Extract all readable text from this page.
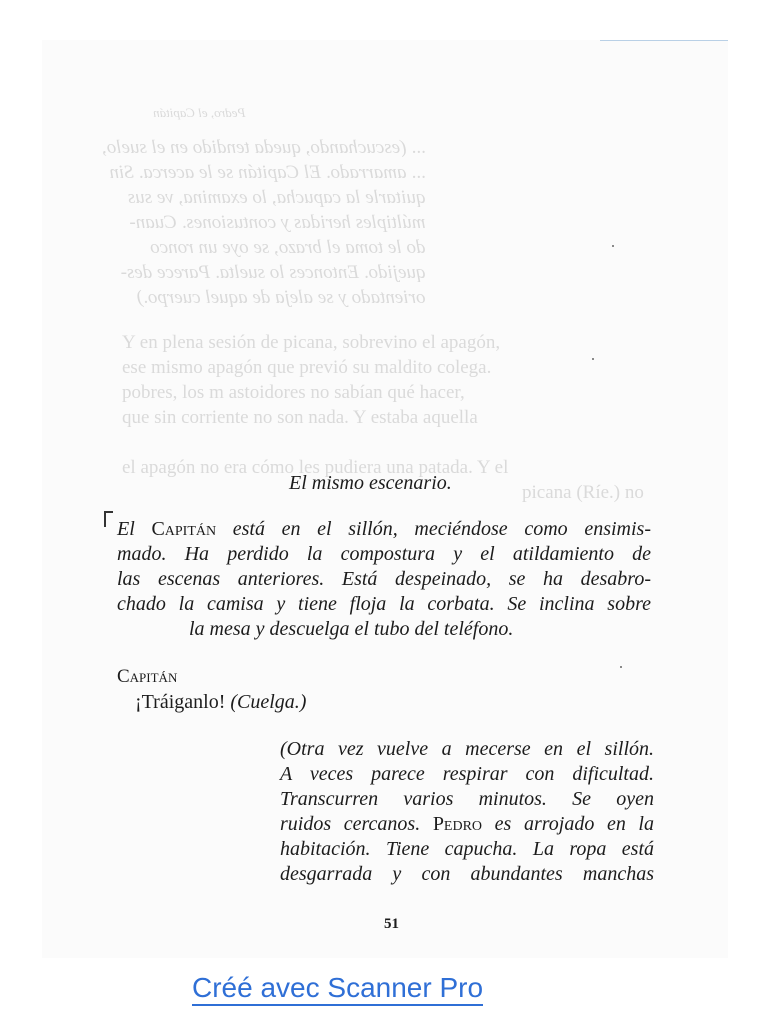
Pedro, el Capitán
... (escuchando, queda tendido en el suelo,
... amarrado. El Capitán se le acerca. Sin
quitarle la capucha, lo examina, ve sus
múltiples heridas y contusiones. Cuan-
do le toma el brazo, se oye un ronco
quejido. Entonces lo suelta. Parece des-
orientado y se aleja de aquel cuerpo.)
Y en plena sesión de picana, sobrevino el apagón,
ese mismo apagón que previó su maldito colega.
pobres, los m astoidores no sabían qué hacer,
que sin corriente no son nada. Y estaba aquella
el apagón no era cómo les pudiera una patada. Y el
picana (Ríe.) no
El mismo escenario.
El Capitán está en el sillón, meciéndose como ensimis-
mado. Ha perdido la compostura y el atildamiento de
las escenas anteriores. Está despeinado, se ha desabro-
chado la camisa y tiene floja la corbata. Se inclina sobre
la mesa y descuelga el tubo del teléfono.
Capitán
¡Tráiganlo! (Cuelga.)
(Otra vez vuelve a mecerse en el sillón.
A veces parece respirar con dificultad.
Transcurren varios minutos. Se oyen
ruidos cercanos. Pedro es arrojado en la
habitación. Tiene capucha. La ropa está
desgarrada y con abundantes manchas
51
Créé avec Scanner Pro
